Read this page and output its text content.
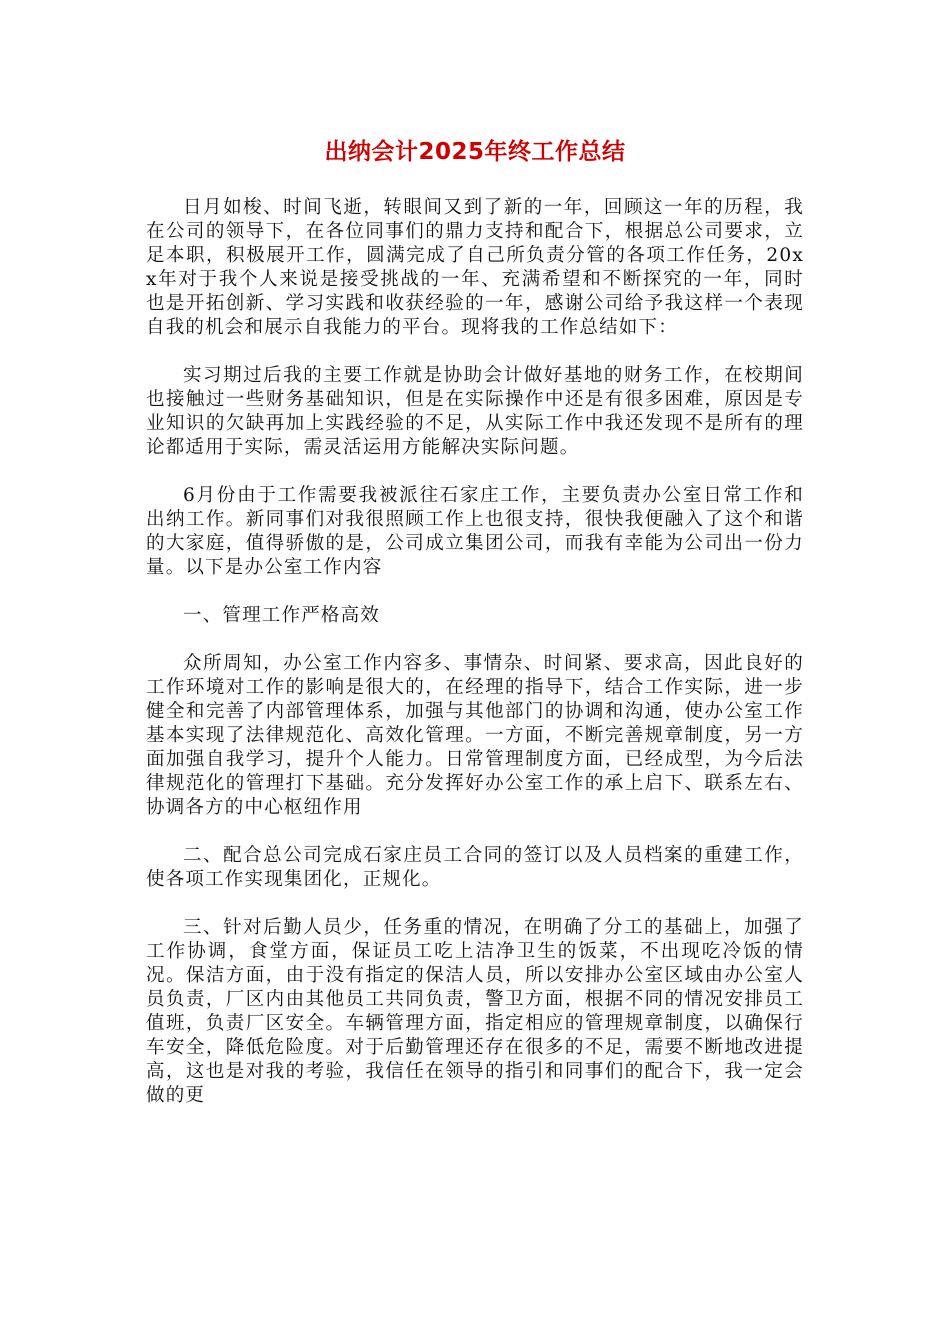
出纳会计2025年终工作总结

日月如梭、时间飞逝，转眼间又到了新的一年，回顾这一年的历程，我在公司的领导下，在各位同事们的鼎力支持和配合下，根据总公司要求，立足本职，积极展开工作，圆满完成了自己所负责分管的各项工作任务，20xx年对于我个人来说是接受挑战的一年、充满希望和不断探究的一年，同时也是开拓创新、学习实践和收获经验的一年，感谢公司给予我这样一个表现自我的机会和展示自我能力的平台。现将我的工作总结如下：

实习期过后我的主要工作就是协助会计做好基地的财务工作，在校期间也接触过一些财务基础知识，但是在实际操作中还是有很多困难，原因是专业知识的欠缺再加上实践经验的不足，从实际工作中我还发现不是所有的理论都适用于实际，需灵活运用方能解决实际问题。

6月份由于工作需要我被派往石家庄工作，主要负责办公室日常工作和出纳工作。新同事们对我很照顾工作上也很支持，很快我便融入了这个和谐的大家庭，值得骄傲的是，公司成立集团公司，而我有幸能为公司出一份力量。以下是办公室工作内容

一、管理工作严格高效

众所周知，办公室工作内容多、事情杂、时间紧、要求高，因此良好的工作环境对工作的影响是很大的，在经理的指导下，结合工作实际，进一步健全和完善了内部管理体系，加强与其他部门的协调和沟通，使办公室工作基本实现了法律规范化、高效化管理。一方面，不断完善规章制度，另一方面加强自我学习，提升个人能力。日常管理制度方面，已经成型，为今后法律规范化的管理打下基础。充分发挥好办公室工作的承上启下、联系左右、协调各方的中心枢纽作用

二、配合总公司完成石家庄员工合同的签订以及人员档案的重建工作，使各项工作实现集团化，正规化。

三、针对后勤人员少，任务重的情况，在明确了分工的基础上，加强了工作协调，食堂方面，保证员工吃上洁净卫生的饭菜，不出现吃冷饭的情况。保洁方面，由于没有指定的保洁人员，所以安排办公室区域由办公室人员负责，厂区内由其他员工共同负责，警卫方面，根据不同的情况安排员工值班，负责厂区安全。车辆管理方面，指定相应的管理规章制度，以确保行车安全，降低危险度。对于后勤管理还存在很多的不足，需要不断地改进提高，这也是对我的考验，我信任在领导的指引和同事们的配合下，我一定会做的更
